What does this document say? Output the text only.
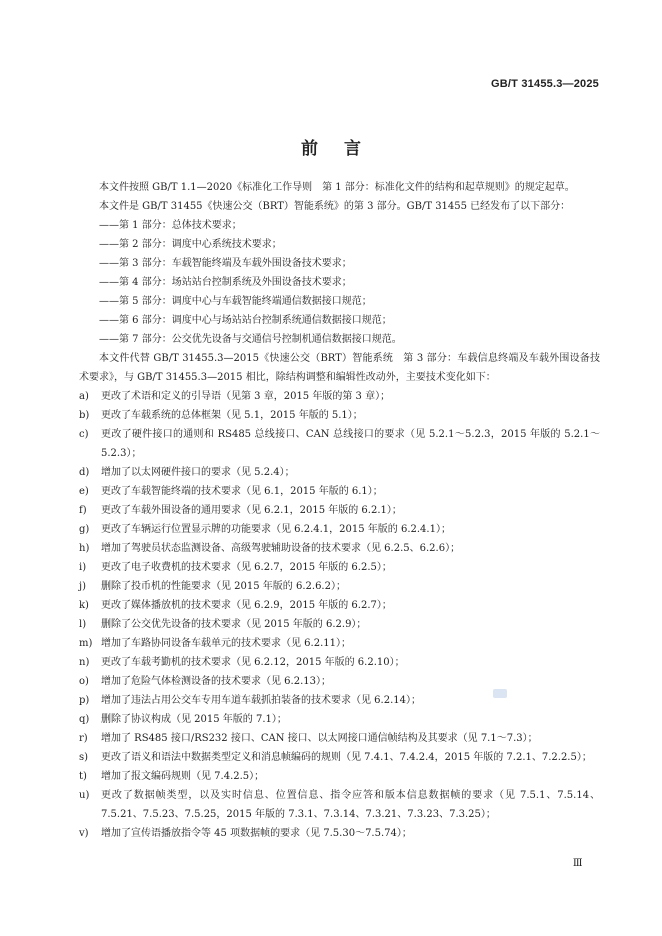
GB/T 31455.3—2025
前言

本文件按照 GB/T 1.1—2020《标准化工作导则　第 1 部分：标准化文件的结构和起草规则》的规定起草。

本文件是 GB/T 31455《快速公交（BRT）智能系统》的第 3 部分。GB/T 31455 已经发布了以下部分：

——第 1 部分：总体技术要求；

——第 2 部分：调度中心系统技术要求；

——第 3 部分：车载智能终端及车载外围设备技术要求；

——第 4 部分：场站站台控制系统及外围设备技术要求；

——第 5 部分：调度中心与车载智能终端通信数据接口规范；

——第 6 部分：调度中心与场站站台控制系统通信数据接口规范；

——第 7 部分：公交优先设备与交通信号控制机通信数据接口规范。

本文件代替 GB/T 31455.3—2015《快速公交（BRT）智能系统　第 3 部分：车载信息终端及车载外围设备技术要求》，与 GB/T 31455.3—2015 相比，除结构调整和编辑性改动外，主要技术变化如下：

a)	更改了术语和定义的引导语（见第 3 章，2015 年版的第 3 章）；
b)	更改了车载系统的总体框架（见 5.1，2015 年版的 5.1）；
c)	更改了硬件接口的通则和 RS485 总线接口、CAN 总线接口的要求（见 5.2.1～5.2.3，2015 年版的 5.2.1～5.2.3）；
d)	增加了以太网硬件接口的要求（见 5.2.4）；
e)	更改了车载智能终端的技术要求（见 6.1，2015 年版的 6.1）；
f)	更改了车载外围设备的通用要求（见 6.2.1，2015 年版的 6.2.1）；
g)	更改了车辆运行位置显示牌的功能要求（见 6.2.4.1，2015 年版的 6.2.4.1）；
h)	增加了驾驶员状态监测设备、高级驾驶辅助设备的技术要求（见 6.2.5、6.2.6）；
i)	更改了电子收费机的技术要求（见 6.2.7，2015 年版的 6.2.5）；
j)	删除了投币机的性能要求（见 2015 年版的 6.2.6.2）；
k)	更改了媒体播放机的技术要求（见 6.2.9，2015 年版的 6.2.7）；
l)	删除了公交优先设备的技术要求（见 2015 年版的 6.2.9）；
m) 增加了车路协同设备车载单元的技术要求（见 6.2.11）；
n)	更改了车载考勤机的技术要求（见 6.2.12，2015 年版的 6.2.10）；
o)	增加了危险气体检测设备的技术要求（见 6.2.13）；
p)	增加了违法占用公交车专用车道车载抓拍装备的技术要求（见 6.2.14）；
q)	删除了协议构成（见 2015 年版的 7.1）；
r)	增加了 RS485 接口/RS232 接口、CAN 接口、以太网接口通信帧结构及其要求（见 7.1～7.3）；
s)	更改了语义和语法中数据类型定义和消息帧编码的规则（见 7.4.1、7.4.2.4，2015 年版的 7.2.1、7.2.2.5）；
t)	增加了报文编码规则（见 7.4.2.5）；
u)	更改了数据帧类型，以及实时信息、位置信息、指令应答和版本信息数据帧的要求（见 7.5.1、7.5.14、7.5.21、7.5.23、7.5.25，2015 年版的 7.3.1、7.3.14、7.3.21、7.3.23、7.3.25）；
v)	增加了宣传语播放指令等 45 项数据帧的要求（见 7.5.30～7.5.74）；
Ⅲ
